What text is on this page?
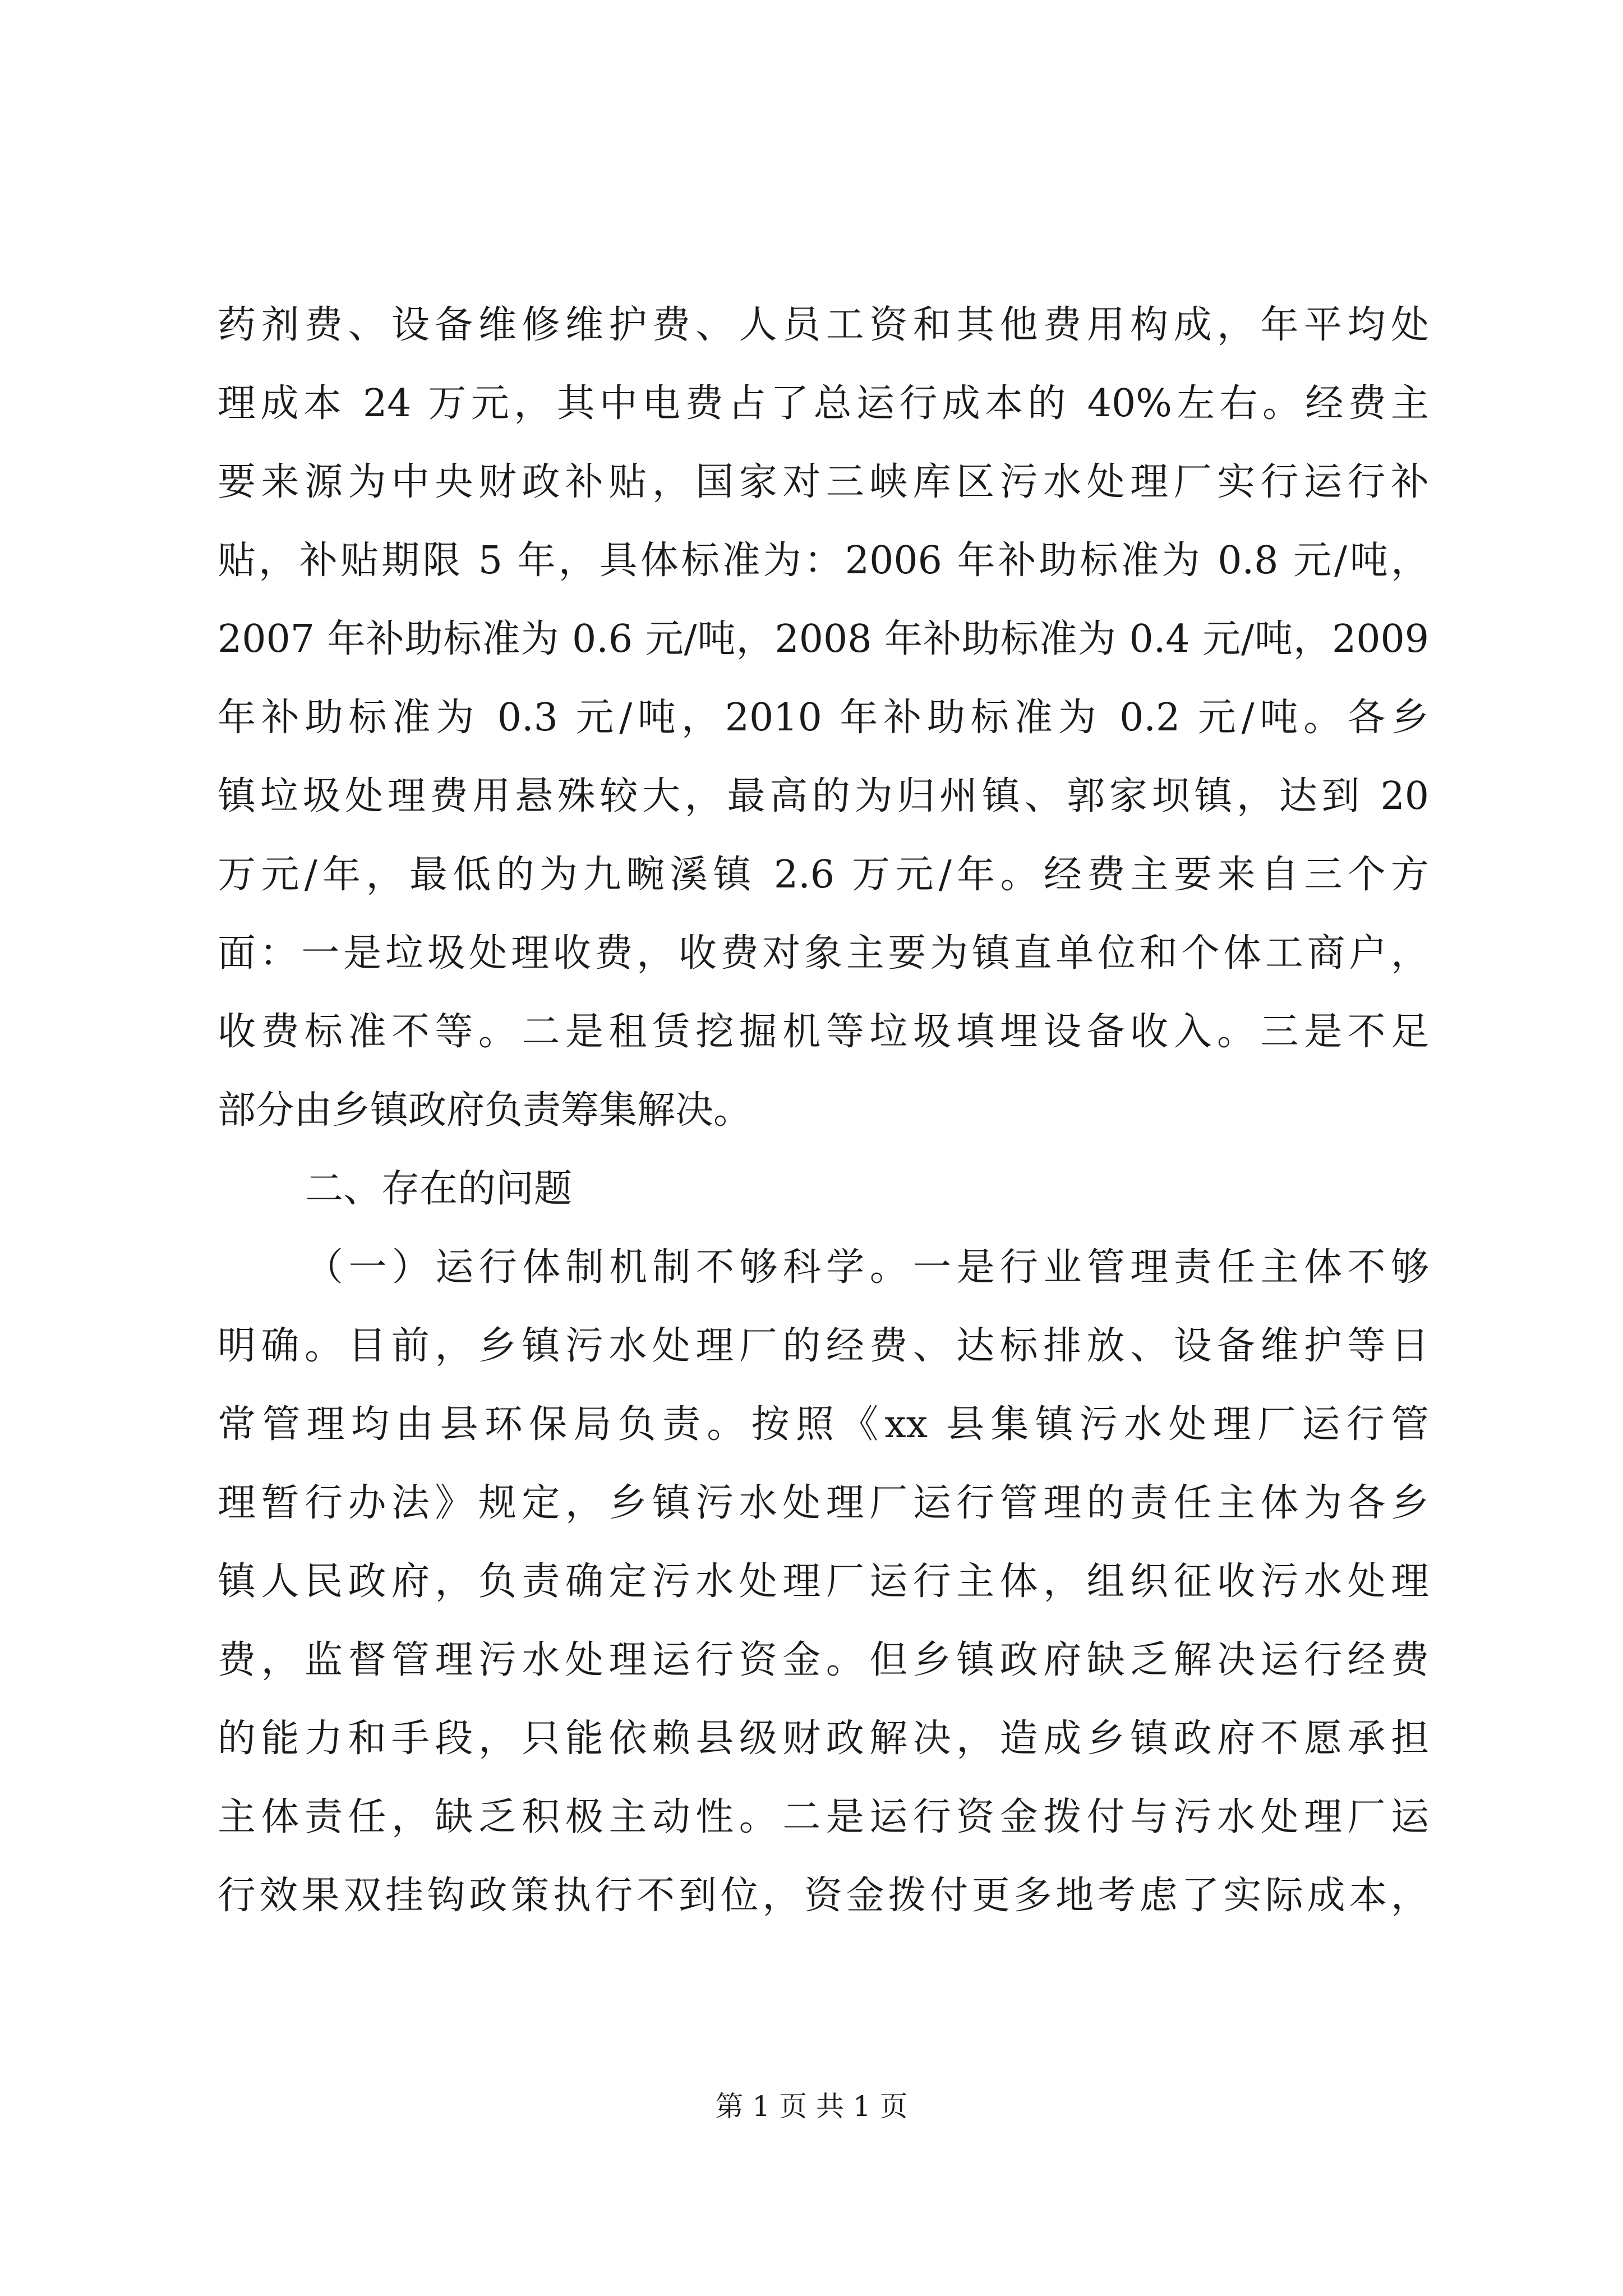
药剂费、设备维修维护费、人员工资和其他费用构成，年平均处
理成本 24 万元，其中电费占了总运行成本的 40%左右。经费主
要来源为中央财政补贴，国家对三峡库区污水处理厂实行运行补
贴，补贴期限 5 年，具体标准为：2006 年补助标准为 0.8 元/吨，
2007 年补助标准为 0.6 元/吨，2008 年补助标准为 0.4 元/吨，2009
年补助标准为 0.3 元/吨，2010 年补助标准为 0.2 元/吨。各乡
镇垃圾处理费用悬殊较大，最高的为归州镇、郭家坝镇，达到 20
万元/年，最低的为九畹溪镇 2.6 万元/年。经费主要来自三个方
面：一是垃圾处理收费，收费对象主要为镇直单位和个体工商户，
收费标准不等。二是租赁挖掘机等垃圾填埋设备收入。三是不足
部分由乡镇政府负责筹集解决。
二、存在的问题
（一）运行体制机制不够科学。一是行业管理责任主体不够
明确。目前，乡镇污水处理厂的经费、达标排放、设备维护等日
常管理均由县环保局负责。按照《xx 县集镇污水处理厂运行管
理暂行办法》规定，乡镇污水处理厂运行管理的责任主体为各乡
镇人民政府，负责确定污水处理厂运行主体，组织征收污水处理
费，监督管理污水处理运行资金。但乡镇政府缺乏解决运行经费
的能力和手段，只能依赖县级财政解决，造成乡镇政府不愿承担
主体责任，缺乏积极主动性。二是运行资金拨付与污水处理厂运
行效果双挂钩政策执行不到位，资金拨付更多地考虑了实际成本，
第 1 页 共 1 页
